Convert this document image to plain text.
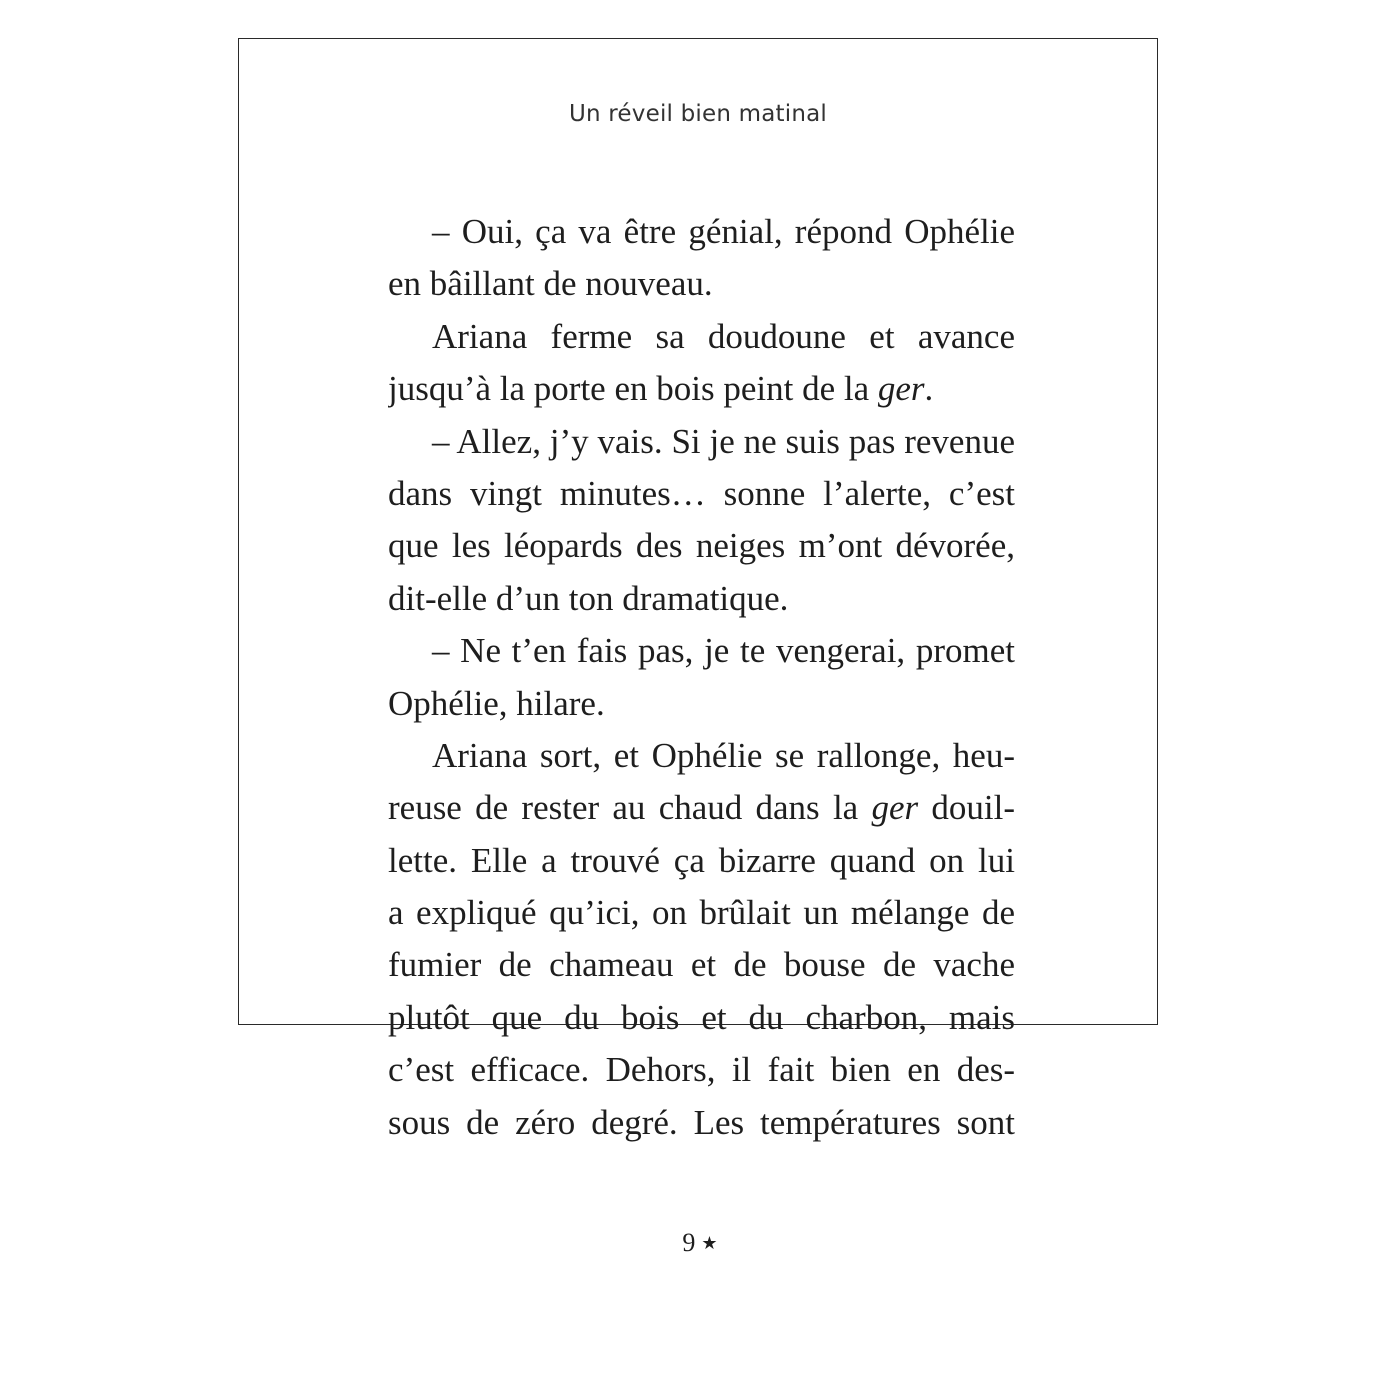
Un réveil bien matinal
– Oui, ça va être génial, répond Ophélie
en bâillant de nouveau.
Ariana ferme sa doudoune et avance
jusqu’à la porte en bois peint de la ger.
– Allez, j’y vais. Si je ne suis pas revenue
dans vingt minutes… sonne l’alerte, c’est
que les léopards des neiges m’ont dévorée,
dit-elle d’un ton dramatique.
– Ne t’en fais pas, je te vengerai, promet
Ophélie, hilare.
Ariana sort, et Ophélie se rallonge, heu-
reuse de rester au chaud dans la ger douil-
lette. Elle a trouvé ça bizarre quand on lui
a expliqué qu’ici, on brûlait un mélange de
fumier de chameau et de bouse de vache
plutôt que du bois et du charbon, mais
c’est efficace. Dehors, il fait bien en des-
sous de zéro degré. Les températures sont
9 ★
